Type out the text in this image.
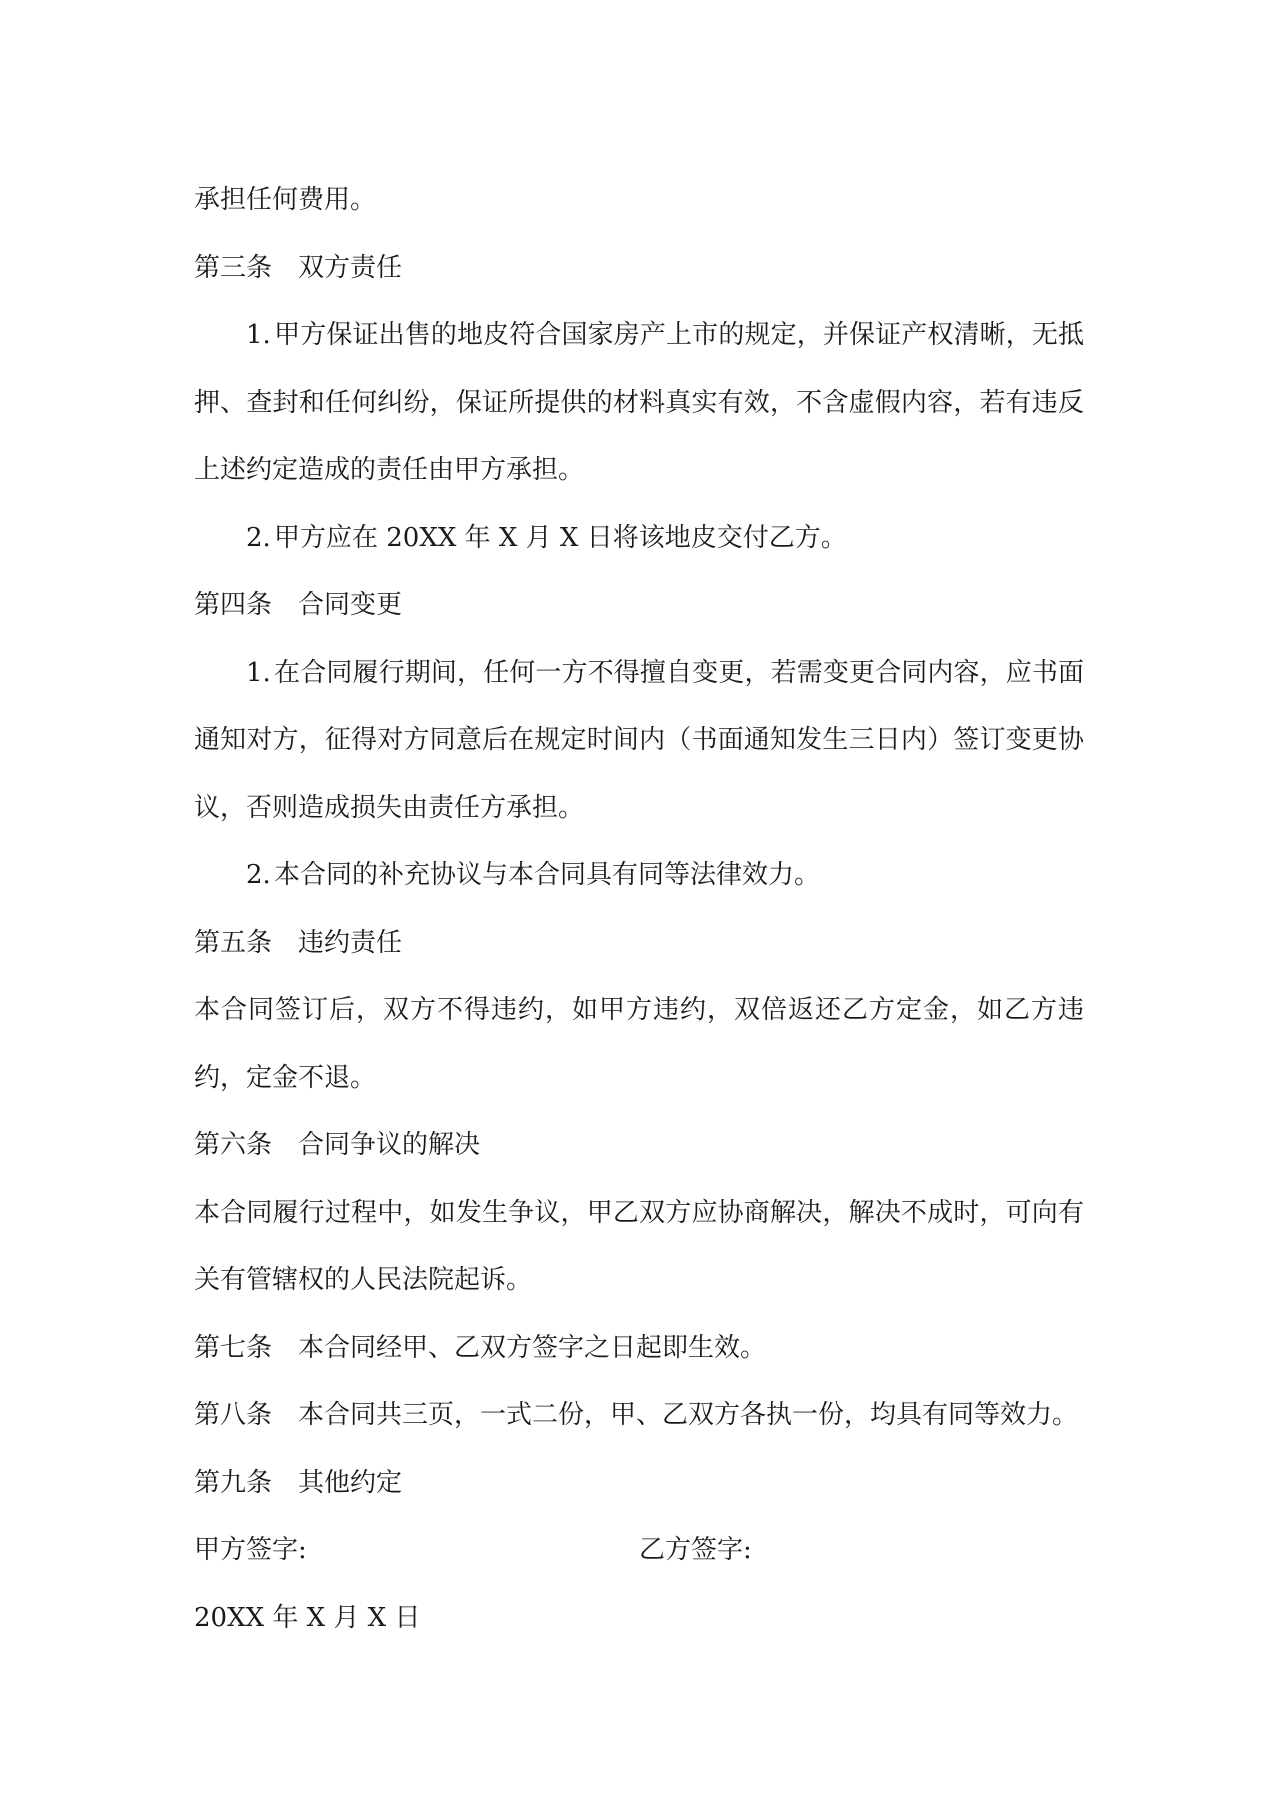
承担任何费用。

第三条 双方责任

1. 甲方保证出售的地皮符合国家房产上市的规定，并保证产权清晰，无抵押、查封和任何纠纷，保证所提供的材料真实有效，不含虚假内容，若有违反上述约定造成的责任由甲方承担。

2. 甲方应在 20XX 年 X 月 X 日将该地皮交付乙方。

第四条 合同变更

1. 在合同履行期间，任何一方不得擅自变更，若需变更合同内容，应书面通知对方，征得对方同意后在规定时间内（书面通知发生三日内）签订变更协议，否则造成损失由责任方承担。

2. 本合同的补充协议与本合同具有同等法律效力。

第五条 违约责任

本合同签订后，双方不得违约，如甲方违约，双倍返还乙方定金，如乙方违约，定金不退。

第六条 合同争议的解决

本合同履行过程中，如发生争议，甲乙双方应协商解决，解决不成时，可向有关有管辖权的人民法院起诉。

第七条 本合同经甲、乙双方签字之日起即生效。

第八条 本合同共三页，一式二份，甲、乙双方各执一份，均具有同等效力。

第九条 其他约定

甲方签字:	乙方签字:

20XX 年 X 月 X 日
